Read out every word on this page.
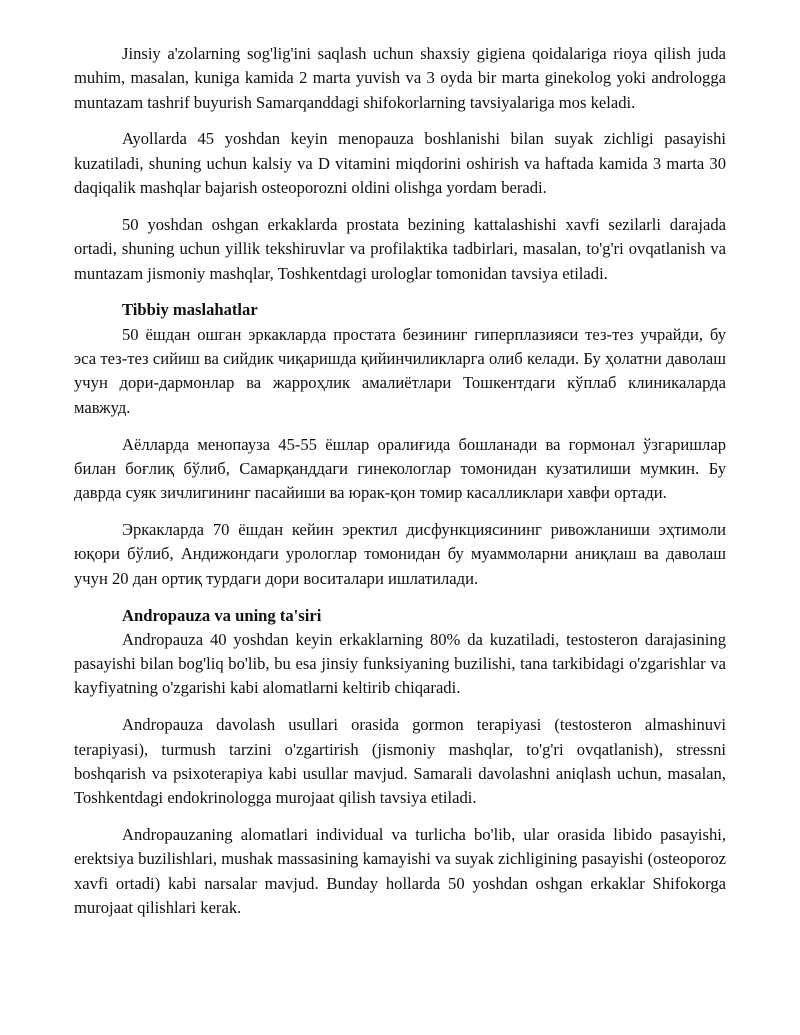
Jinsiy a'zolarning sog'lig'ini saqlash uchun shaxsiy gigiena qoidalariga rioya qilish juda muhim, masalan, kuniga kamida 2 marta yuvish va 3 oyda bir marta ginekolog yoki andrologga muntazam tashrif buyurish Samarqanddagi shifokorlarning tavsiyalariga mos keladi.

Ayollarda 45 yoshdan keyin menopauza boshlanishi bilan suyak zichligi pasayishi kuzatiladi, shuning uchun kalsiy va D vitamini miqdorini oshirish va haftada kamida 3 marta 30 daqiqalik mashqlar bajarish osteoporozni oldini olishga yordam beradi.

50 yoshdan oshgan erkaklarda prostata bezining kattalashishi xavfi sezilarli darajada ortadi, shuning uchun yillik tekshiruvlar va profilaktika tadbirlari, masalan, to'g'ri ovqatlanish va muntazam jismoniy mashqlar, Toshkentdagi urologlar tomonidan tavsiya etiladi.

Tibbiy maslahatlar

50 ёшдан ошган эркакларда простата безининг гиперплазияси тез-тез учрайди, бу эса тез-тез сийиш ва сийдик чиқаришда қийинчиликларга олиб келади. Бу ҳолатни даволаш учун дори-дармонлар ва жарроҳлик амалиётлари Тошкентдаги кўплаб клиникаларда мавжуд.

Аёлларда менопауза 45-55 ёшлар оралиғида бошланади ва гормонал ўзгаришлар билан боғлиқ бўлиб, Самарқанддаги гинекологлар томонидан кузатилиши мумкин. Бу даврда суяк зичлигининг пасайиши ва юрак-қон томир касалликлари хавфи ортади.

Эркакларда 70 ёшдан кейин эректил дисфункциясининг ривожланиши эҳтимоли юқори бўлиб, Андижондаги урологлар томонидан бу муаммоларни аниқлаш ва даволаш учун 20 дан ортиқ турдаги дори воситалари ишлатилади.

Andropauza va uning ta'siri

Andropauza 40 yoshdan keyin erkaklarning 80% da kuzatiladi, testosteron darajasining pasayishi bilan bog'liq bo'lib, bu esa jinsiy funksiyaning buzilishi, tana tarkibidagi o'zgarishlar va kayfiyatning o'zgarishi kabi alomatlarni keltirib chiqaradi.

Andropauza davolash usullari orasida gormon terapiyasi (testosteron almashinuvi terapiyasi), turmush tarzini o'zgartirish (jismoniy mashqlar, to'g'ri ovqatlanish), stressni boshqarish va psixoterapiya kabi usullar mavjud. Samarali davolashni aniqlash uchun, masalan, Toshkentdagi endokrinologga murojaat qilish tavsiya etiladi.

Andropauzaning alomatlari individual va turlicha bo'lib, ular orasida libido pasayishi, erektsiya buzilishlari, mushak massasining kamayishi va suyak zichligining pasayishi (osteoporoz xavfi ortadi) kabi narsalar mavjud. Bunday hollarda 50 yoshdan oshgan erkaklar Shifokorga murojaat qilishlari kerak.
